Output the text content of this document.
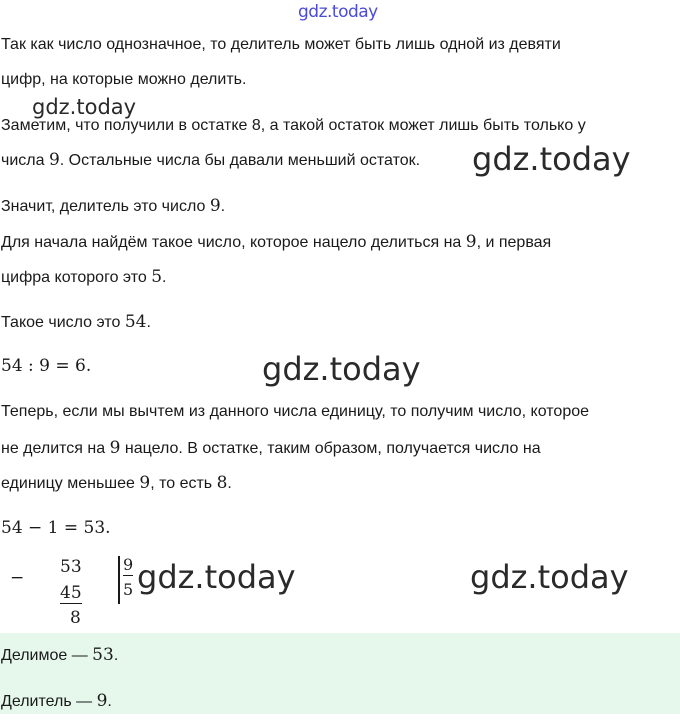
gdz.today
Так как число однозначное, то делитель может быть лишь одной из девяти
цифр, на которые можно делить.
gdz.today
Заметим, что получили в остатке 8, а такой остаток может лишь быть только у
числа 9. Остальные числа бы давали меньший остаток. gdz.today
Значит, делитель это число 9.
Для начала найдём такое число, которое нацело делиться на 9, и первая
цифра которого это 5.
Такое число это 54.
54 : 9 = 6.	gdz.today
Теперь, если мы вычтем из данного числа единицу, то получим число, которое
не делится на 9 нацело. В остатке, таким образом, получается число на
единицу меньшее 9, то есть 8.
54 − 1 = 53.
−
53
45
8
9
5 gdz.today	gdz.today
Делимое — 53.
Делитель — 9.
